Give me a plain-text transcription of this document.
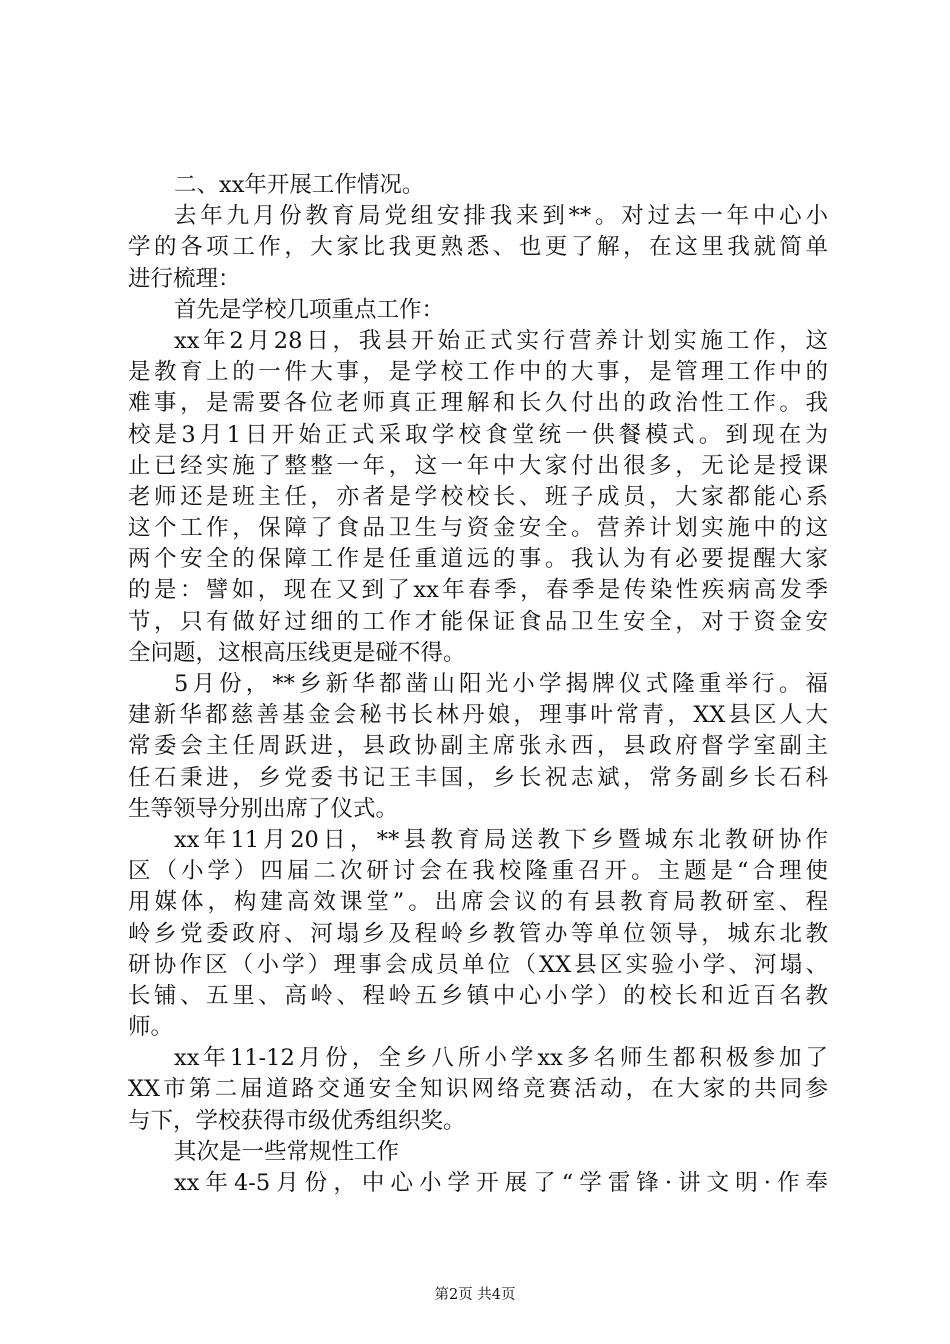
二、xx年开展工作情况。
去年九月份教育局党组安排我来到**。对过去一年中心小
学的各项工作，大家比我更熟悉、也更了解，在这里我就简单
进行梳理：
首先是学校几项重点工作：
xx年2月28日，我县开始正式实行营养计划实施工作，这
是教育上的一件大事，是学校工作中的大事，是管理工作中的
难事，是需要各位老师真正理解和长久付出的政治性工作。我
校是3月1日开始正式采取学校食堂统一供餐模式。到现在为
止已经实施了整整一年，这一年中大家付出很多，无论是授课
老师还是班主任，亦者是学校校长、班子成员，大家都能心系
这个工作，保障了食品卫生与资金安全。营养计划实施中的这
两个安全的保障工作是任重道远的事。我认为有必要提醒大家
的是：譬如，现在又到了xx年春季，春季是传染性疾病高发季
节，只有做好过细的工作才能保证食品卫生安全，对于资金安
全问题，这根高压线更是碰不得。
5月份，**乡新华都凿山阳光小学揭牌仪式隆重举行。福
建新华都慈善基金会秘书长林丹娘，理事叶常青，XX县区人大
常委会主任周跃进，县政协副主席张永西，县政府督学室副主
任石秉进，乡党委书记王丰国，乡长祝志斌，常务副乡长石科
生等领导分别出席了仪式。
xx年11月20日，**县教育局送教下乡暨城东北教研协作
区（小学）四届二次研讨会在我校隆重召开。主题是“合理使
用媒体，构建高效课堂”。出席会议的有县教育局教研室、程
岭乡党委政府、河塌乡及程岭乡教管办等单位领导，城东北教
研协作区（小学）理事会成员单位（XX县区实验小学、河塌、
长铺、五里、高岭、程岭五乡镇中心小学）的校长和近百名教
师。
xx年11-12月份，全乡八所小学xx多名师生都积极参加了
XX市第二届道路交通安全知识网络竞赛活动，在大家的共同参
与下，学校获得市级优秀组织奖。
其次是一些常规性工作
xx年4-5月份，中心小学开展了“学雷锋·讲文明·作奉
第2页 共4页
